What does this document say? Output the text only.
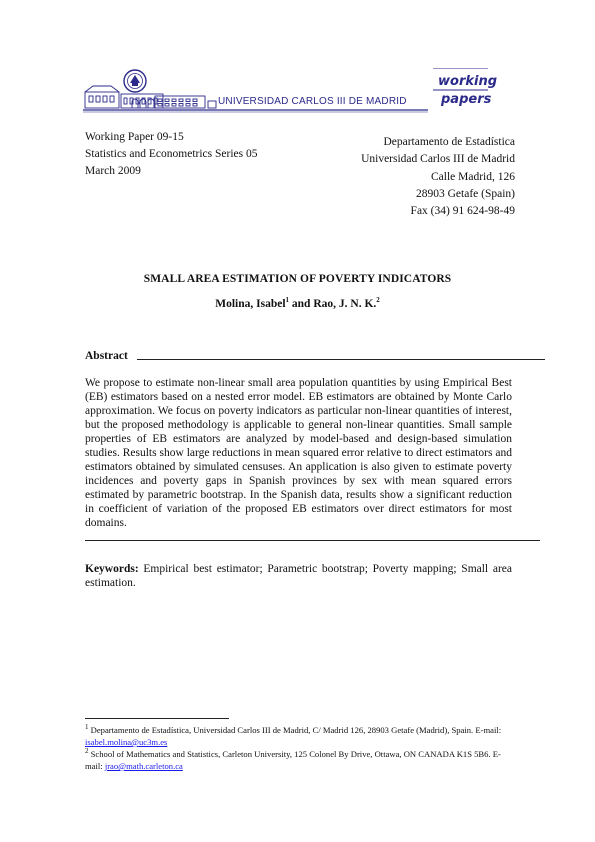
UNIVERSIDAD CARLOS III DE MADRID
working
papers
Working Paper 09-15
Statistics and Econometrics Series 05
March 2009
Departamento de Estadística
Universidad Carlos III de Madrid
Calle Madrid, 126
28903 Getafe (Spain)
Fax (34) 91 624-98-49
SMALL AREA ESTIMATION OF POVERTY INDICATORS
Molina, Isabel$^1$ and Rao, J. N. K.$^2$
Abstract
We propose to estimate non-linear small area population quantities by using Empirical Best (EB) estimators based on a nested error model. EB estimators are obtained by Monte Carlo approximation. We focus on poverty indicators as particular non-linear quantities of interest, but the proposed methodology is applicable to general non-linear quantities. Small sample properties of EB estimators are analyzed by model-based and design-based simulation studies. Results show large reductions in mean squared error relative to direct estimators and estimators obtained by simulated censuses. An application is also given to estimate poverty incidences and poverty gaps in Spanish provinces by sex with mean squared errors estimated by parametric bootstrap. In the Spanish data, results show a significant reduction in coefficient of variation of the proposed EB estimators over direct estimators for most domains.
Keywords: Empirical best estimator; Parametric bootstrap; Poverty mapping; Small area estimation.
$^1$ Departamento de Estadística, Universidad Carlos III de Madrid, C/ Madrid 126, 28903 Getafe (Madrid), Spain. E-mail: isabel.molina@uc3m.es
$^2$ School of Mathematics and Statistics, Carleton University, 125 Colonel By Drive, Ottawa, ON CANADA K1S 5B6. E-mail: jrao@math.carleton.ca
